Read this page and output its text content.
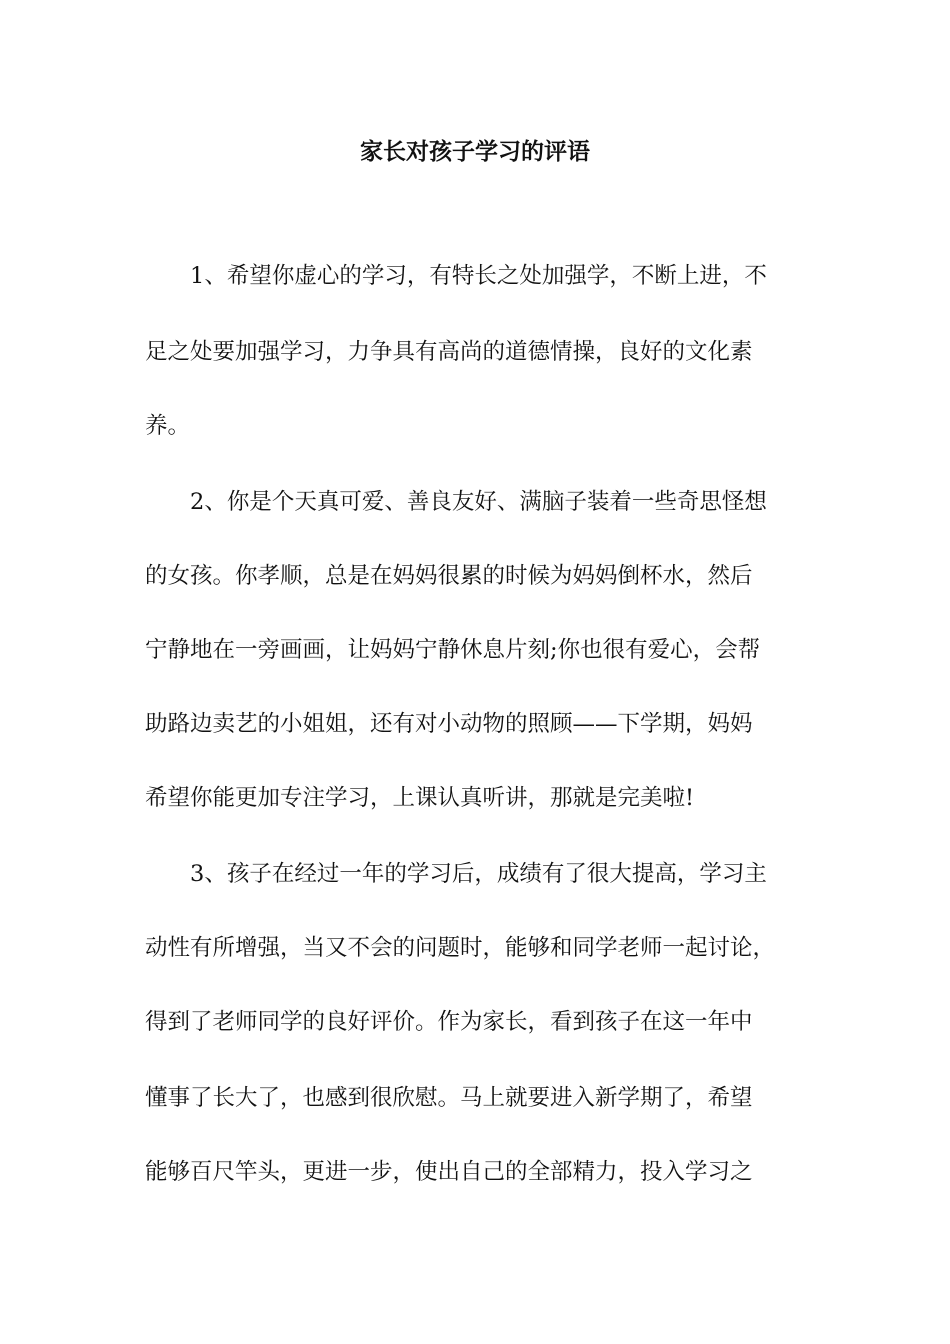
家长对孩子学习的评语
1、希望你虚心的学习，有特长之处加强学，不断上进，不
足之处要加强学习，力争具有高尚的道德情操，良好的文化素
养。
2、你是个天真可爱、善良友好、满脑子装着一些奇思怪想
的女孩。你孝顺，总是在妈妈很累的时候为妈妈倒杯水，然后
宁静地在一旁画画，让妈妈宁静休息片刻;你也很有爱心，会帮
助路边卖艺的小姐姐，还有对小动物的照顾——下学期，妈妈
希望你能更加专注学习，上课认真听讲，那就是完美啦!
3、孩子在经过一年的学习后，成绩有了很大提高，学习主
动性有所增强，当又不会的问题时，能够和同学老师一起讨论，
得到了老师同学的良好评价。作为家长，看到孩子在这一年中
懂事了长大了，也感到很欣慰。马上就要进入新学期了，希望
能够百尺竿头，更进一步，使出自己的全部精力，投入学习之
